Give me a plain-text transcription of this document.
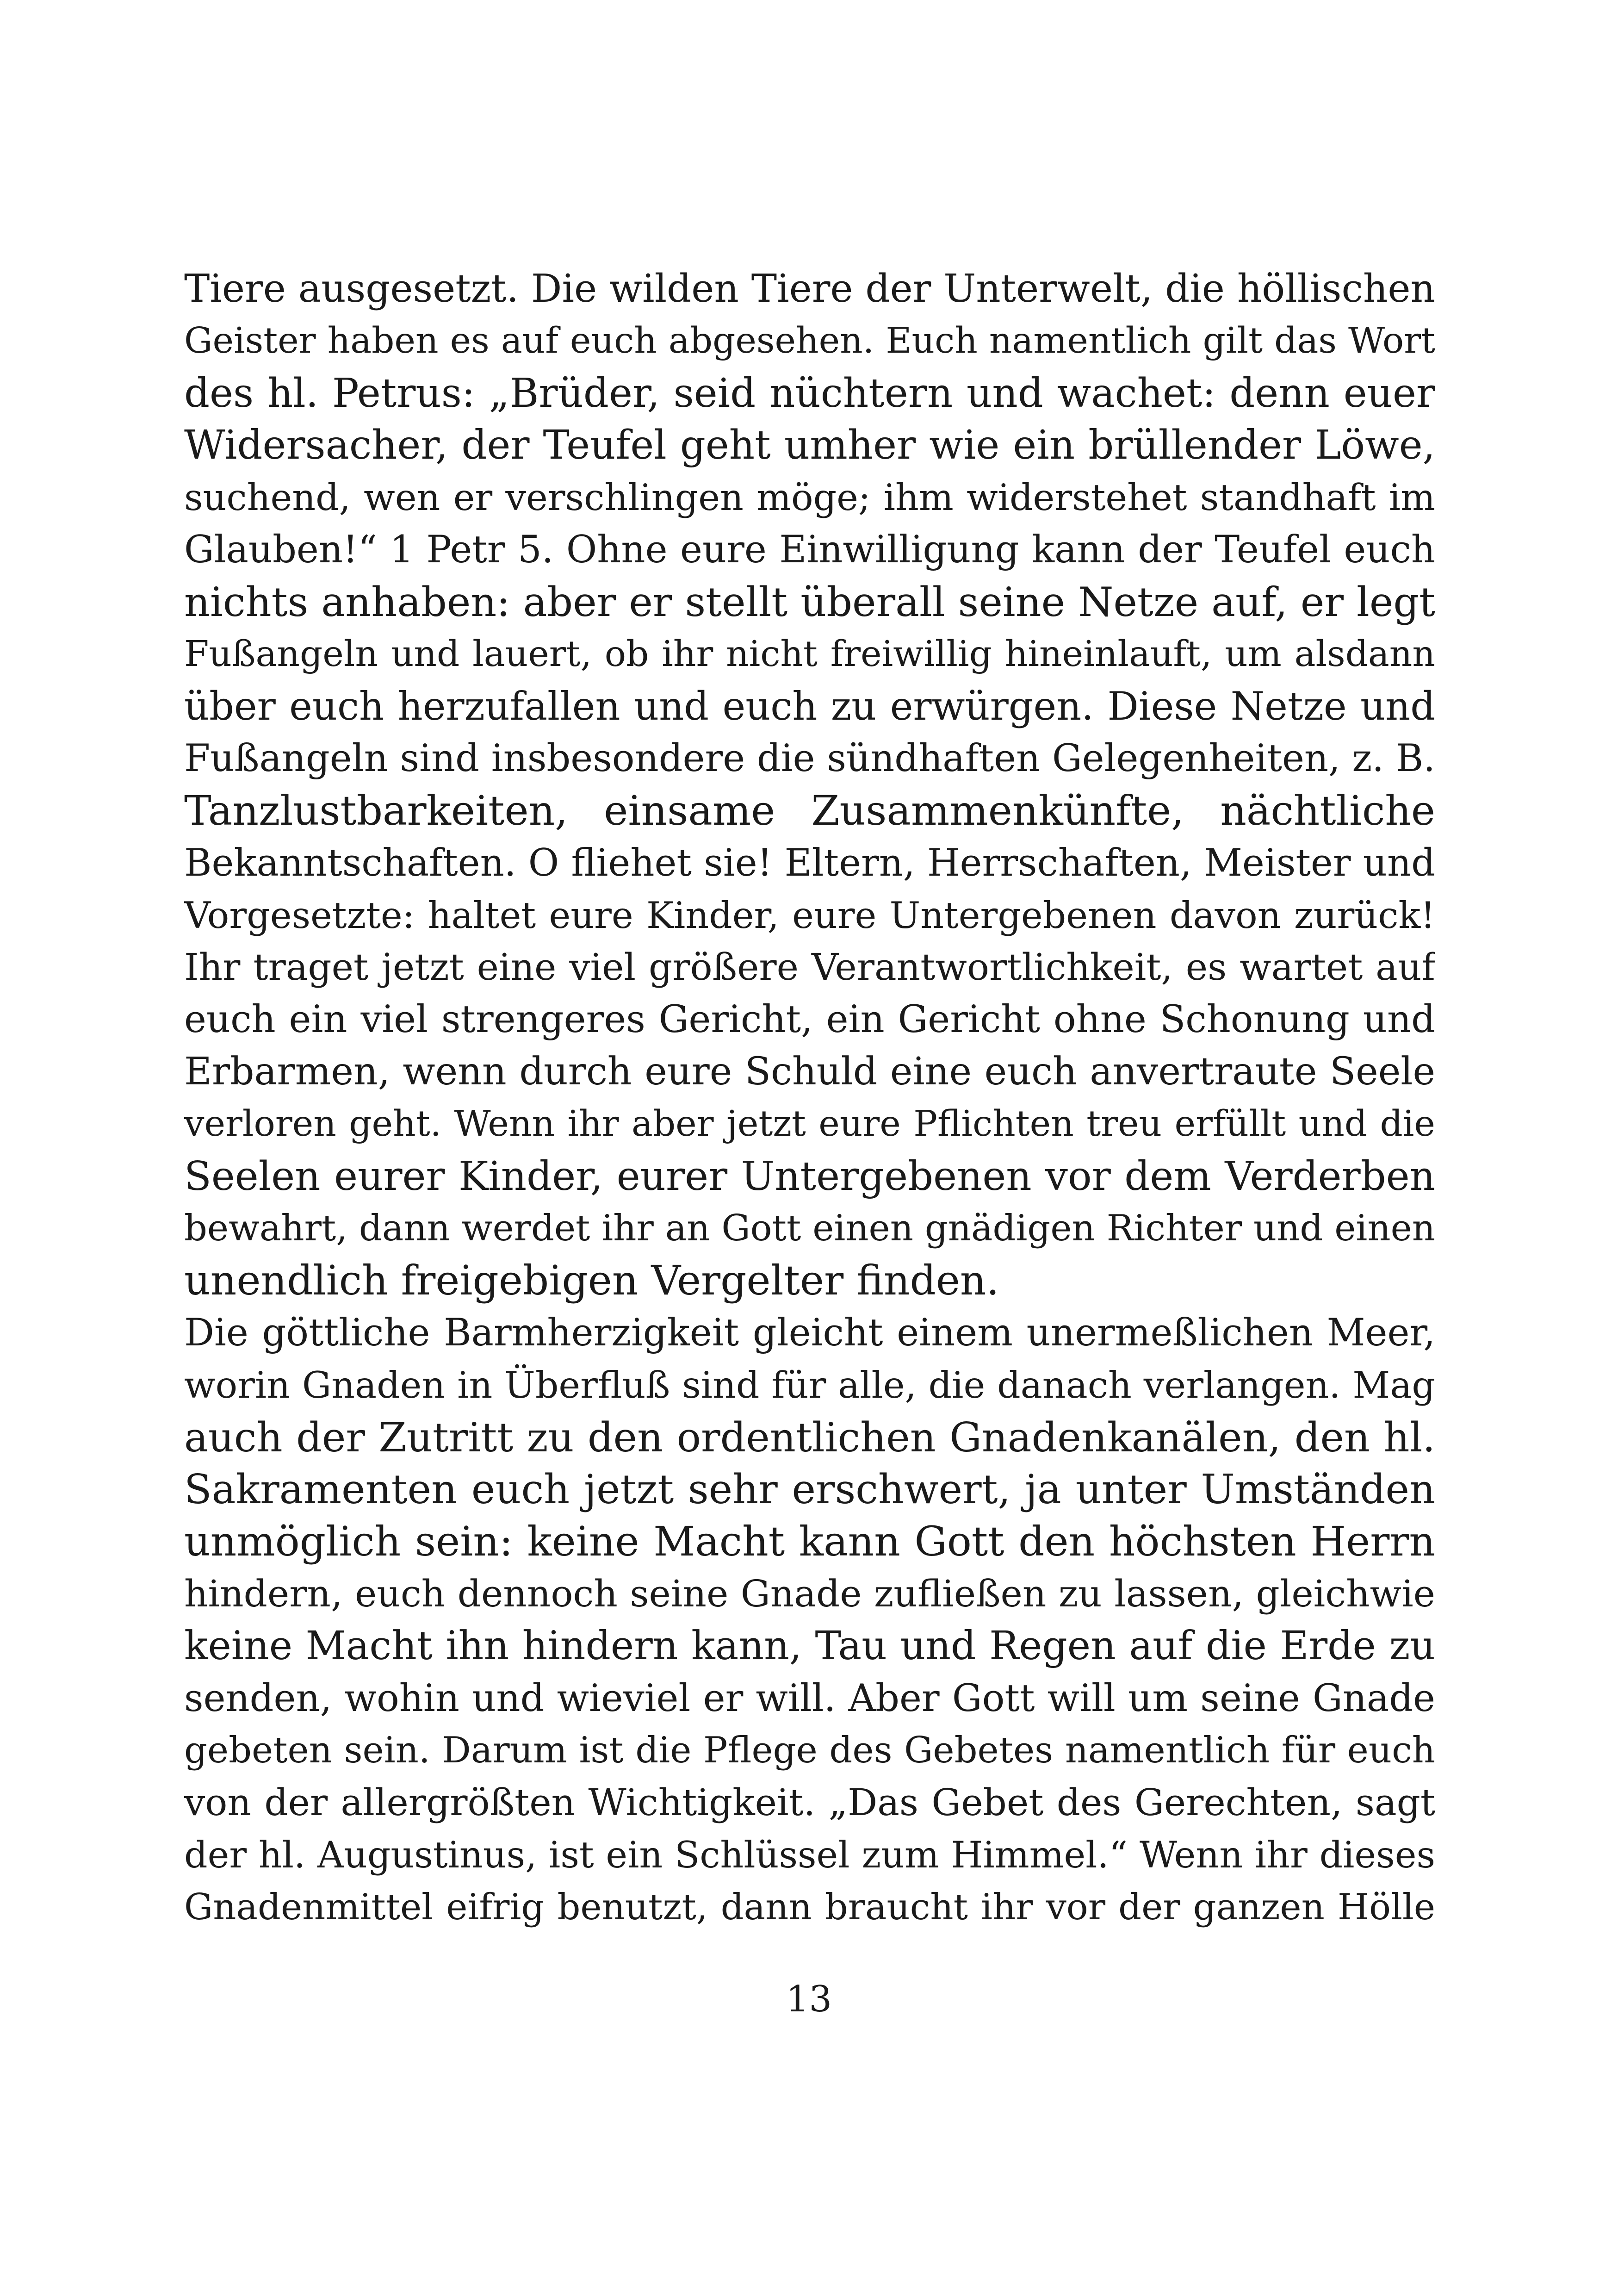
Tiere ausgesetzt. Die wilden Tiere der Unterwelt, die höllischen
Geister haben es auf euch abgesehen. Euch namentlich gilt das Wort
des hl. Petrus: „Brüder, seid nüchtern und wachet: denn euer
Widersacher, der Teufel geht umher wie ein brüllender Löwe,
suchend, wen er verschlingen möge; ihm widerstehet standhaft im
Glauben!“ 1 Petr 5. Ohne eure Einwilligung kann der Teufel euch
nichts anhaben: aber er stellt überall seine Netze auf, er legt
Fußangeln und lauert, ob ihr nicht freiwillig hineinlauft, um alsdann
über euch herzufallen und euch zu erwürgen. Diese Netze und
Fußangeln sind insbesondere die sündhaften Gelegenheiten, z. B.
Tanzlustbarkeiten, einsame Zusammenkünfte, nächtliche
Bekanntschaften. O fliehet sie! Eltern, Herrschaften, Meister und
Vorgesetzte: haltet eure Kinder, eure Untergebenen davon zurück!
Ihr traget jetzt eine viel größere Verantwortlichkeit, es wartet auf
euch ein viel strengeres Gericht, ein Gericht ohne Schonung und
Erbarmen, wenn durch eure Schuld eine euch anvertraute Seele
verloren geht. Wenn ihr aber jetzt eure Pflichten treu erfüllt und die
Seelen eurer Kinder, eurer Untergebenen vor dem Verderben
bewahrt, dann werdet ihr an Gott einen gnädigen Richter und einen
unendlich freigebigen Vergelter finden.
Die göttliche Barmherzigkeit gleicht einem unermeßlichen Meer,
worin Gnaden in Überfluß sind für alle, die danach verlangen. Mag
auch der Zutritt zu den ordentlichen Gnadenkanälen, den hl.
Sakramenten euch jetzt sehr erschwert, ja unter Umständen
unmöglich sein: keine Macht kann Gott den höchsten Herrn
hindern, euch dennoch seine Gnade zufließen zu lassen, gleichwie
keine Macht ihn hindern kann, Tau und Regen auf die Erde zu
senden, wohin und wieviel er will. Aber Gott will um seine Gnade
gebeten sein. Darum ist die Pflege des Gebetes namentlich für euch
von der allergrößten Wichtigkeit. „Das Gebet des Gerechten, sagt
der hl. Augustinus, ist ein Schlüssel zum Himmel.“ Wenn ihr dieses
Gnadenmittel eifrig benutzt, dann braucht ihr vor der ganzen Hölle
13
